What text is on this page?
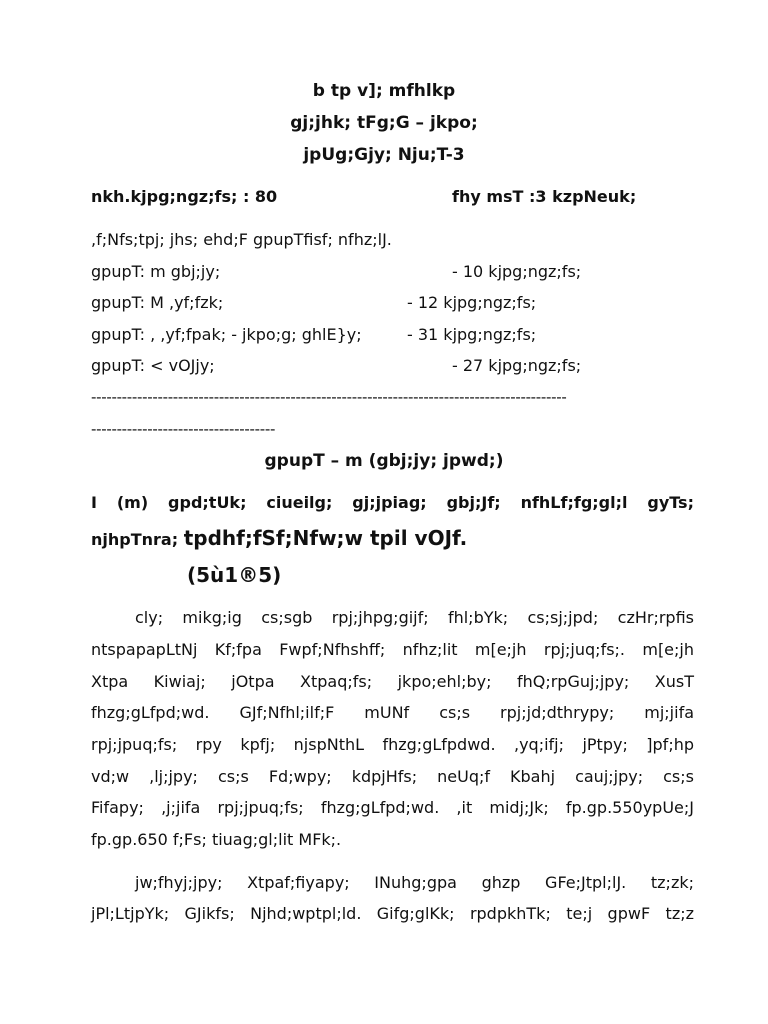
b tp v]; mfhlkp
gj;jhk; tFg;G – jkpo;
jpUg;Gjy; Nju;T-3
nkh.kjpg;ngz;fs; : 80	fhy msT :3 kzpNeuk;
,f;Nfs;tpj; jhs; ehd;F gpupTfisf; nfhz;lJ.
gpupT: m gbj;jy;	- 10 kjpg;ngz;fs;
gpupT: M ,yf;fzk;	- 12 kjpg;ngz;fs;
gpupT: , ,yf;fpak; - jkpo;g; ghlE}y;	- 31 kjpg;ngz;fs;
gpupT: < vOJjy;	- 27 kjpg;ngz;fs;
---------------------------------------------------------------------------------------------
------------------------------------
gpupT – m (gbj;jy; jpwd;)
I (m) gpd;tUk; ciueilg; gj;jpiag; gbj;Jf; nfhLf;fg;gl;l gyTs;
njhpTnra; tpdhf;fSf;Nfw;w tpil vOJf.
(5ù1®5)
cly; mikg;ig cs;sgb rpj;jhpg;gijf; fhl;bYk; cs;sj;jpd; czHr;rpfis
ntspapapLtNj Kf;fpa Fwpf;Nfhshff; nfhz;lit m[e;jh rpj;juq;fs;. m[e;jh
Xtpa Kiwiaj; jOtpa Xtpaq;fs; jkpo;ehl;by; fhQ;rpGuj;jpy; XusT
fhzg;gLfpd;wd. GJf;Nfhl;ilf;F mUNf cs;s rpj;jd;dthrypy; mj;jifa
rpj;jpuq;fs; rpy kpfj; njspNthL fhzg;gLfpdwd. ,yq;ifj; jPtpy; ]pf;hp
vd;w ,lj;jpy; cs;s Fd;wpy; kdpjHfs; neUq;f Kbahj cauj;jpy; cs;s
Fifapy; ,j;jifa rpj;jpuq;fs; fhzg;gLfpd;wd. ,it midj;Jk; fp.gp.550ypUe;J
fp.gp.650 f;Fs; tiuag;gl;lit MFk;.
jw;fhyj;jpy; Xtpaf;fiyapy; INuhg;gpa ghzp GFe;Jtpl;lJ. tz;zk;
jPl;LtjpYk; GJikfs; Njhd;wptpl;ld. Gifg;glKk; rpdpkhTk; te;j gpwF tz;z
